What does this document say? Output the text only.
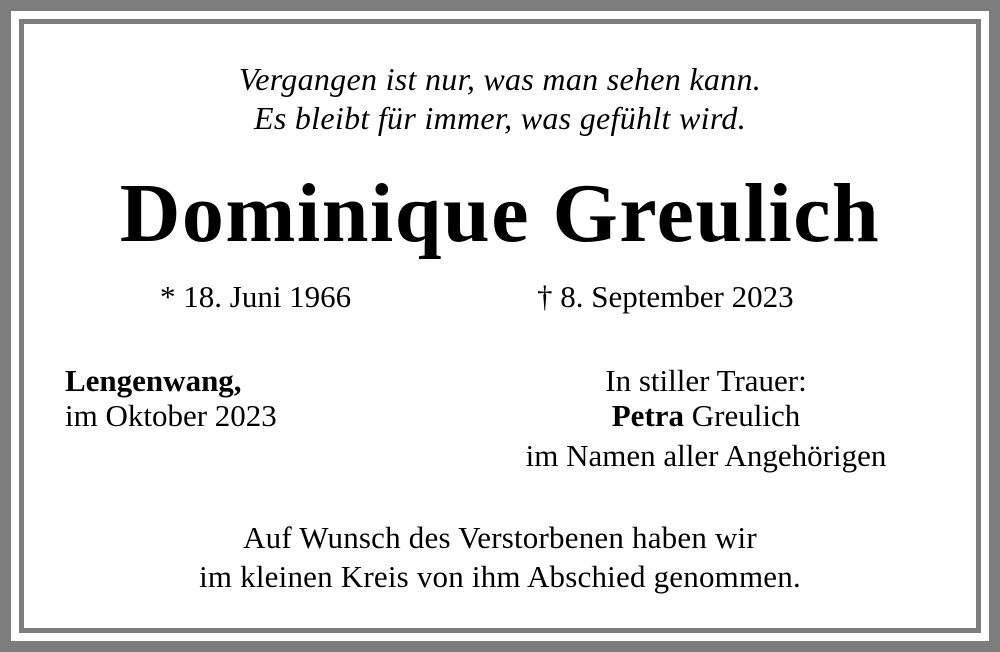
Vergangen ist nur, was man sehen kann.
Es bleibt für immer, was gefühlt wird.
Dominique Greulich
* 18. Juni 1966	† 8. September 2023
Lengenwang,
im Oktober 2023
In stiller Trauer:
Petra Greulich
im Namen aller Angehörigen
Auf Wunsch des Verstorbenen haben wir
im kleinen Kreis von ihm Abschied genommen.
